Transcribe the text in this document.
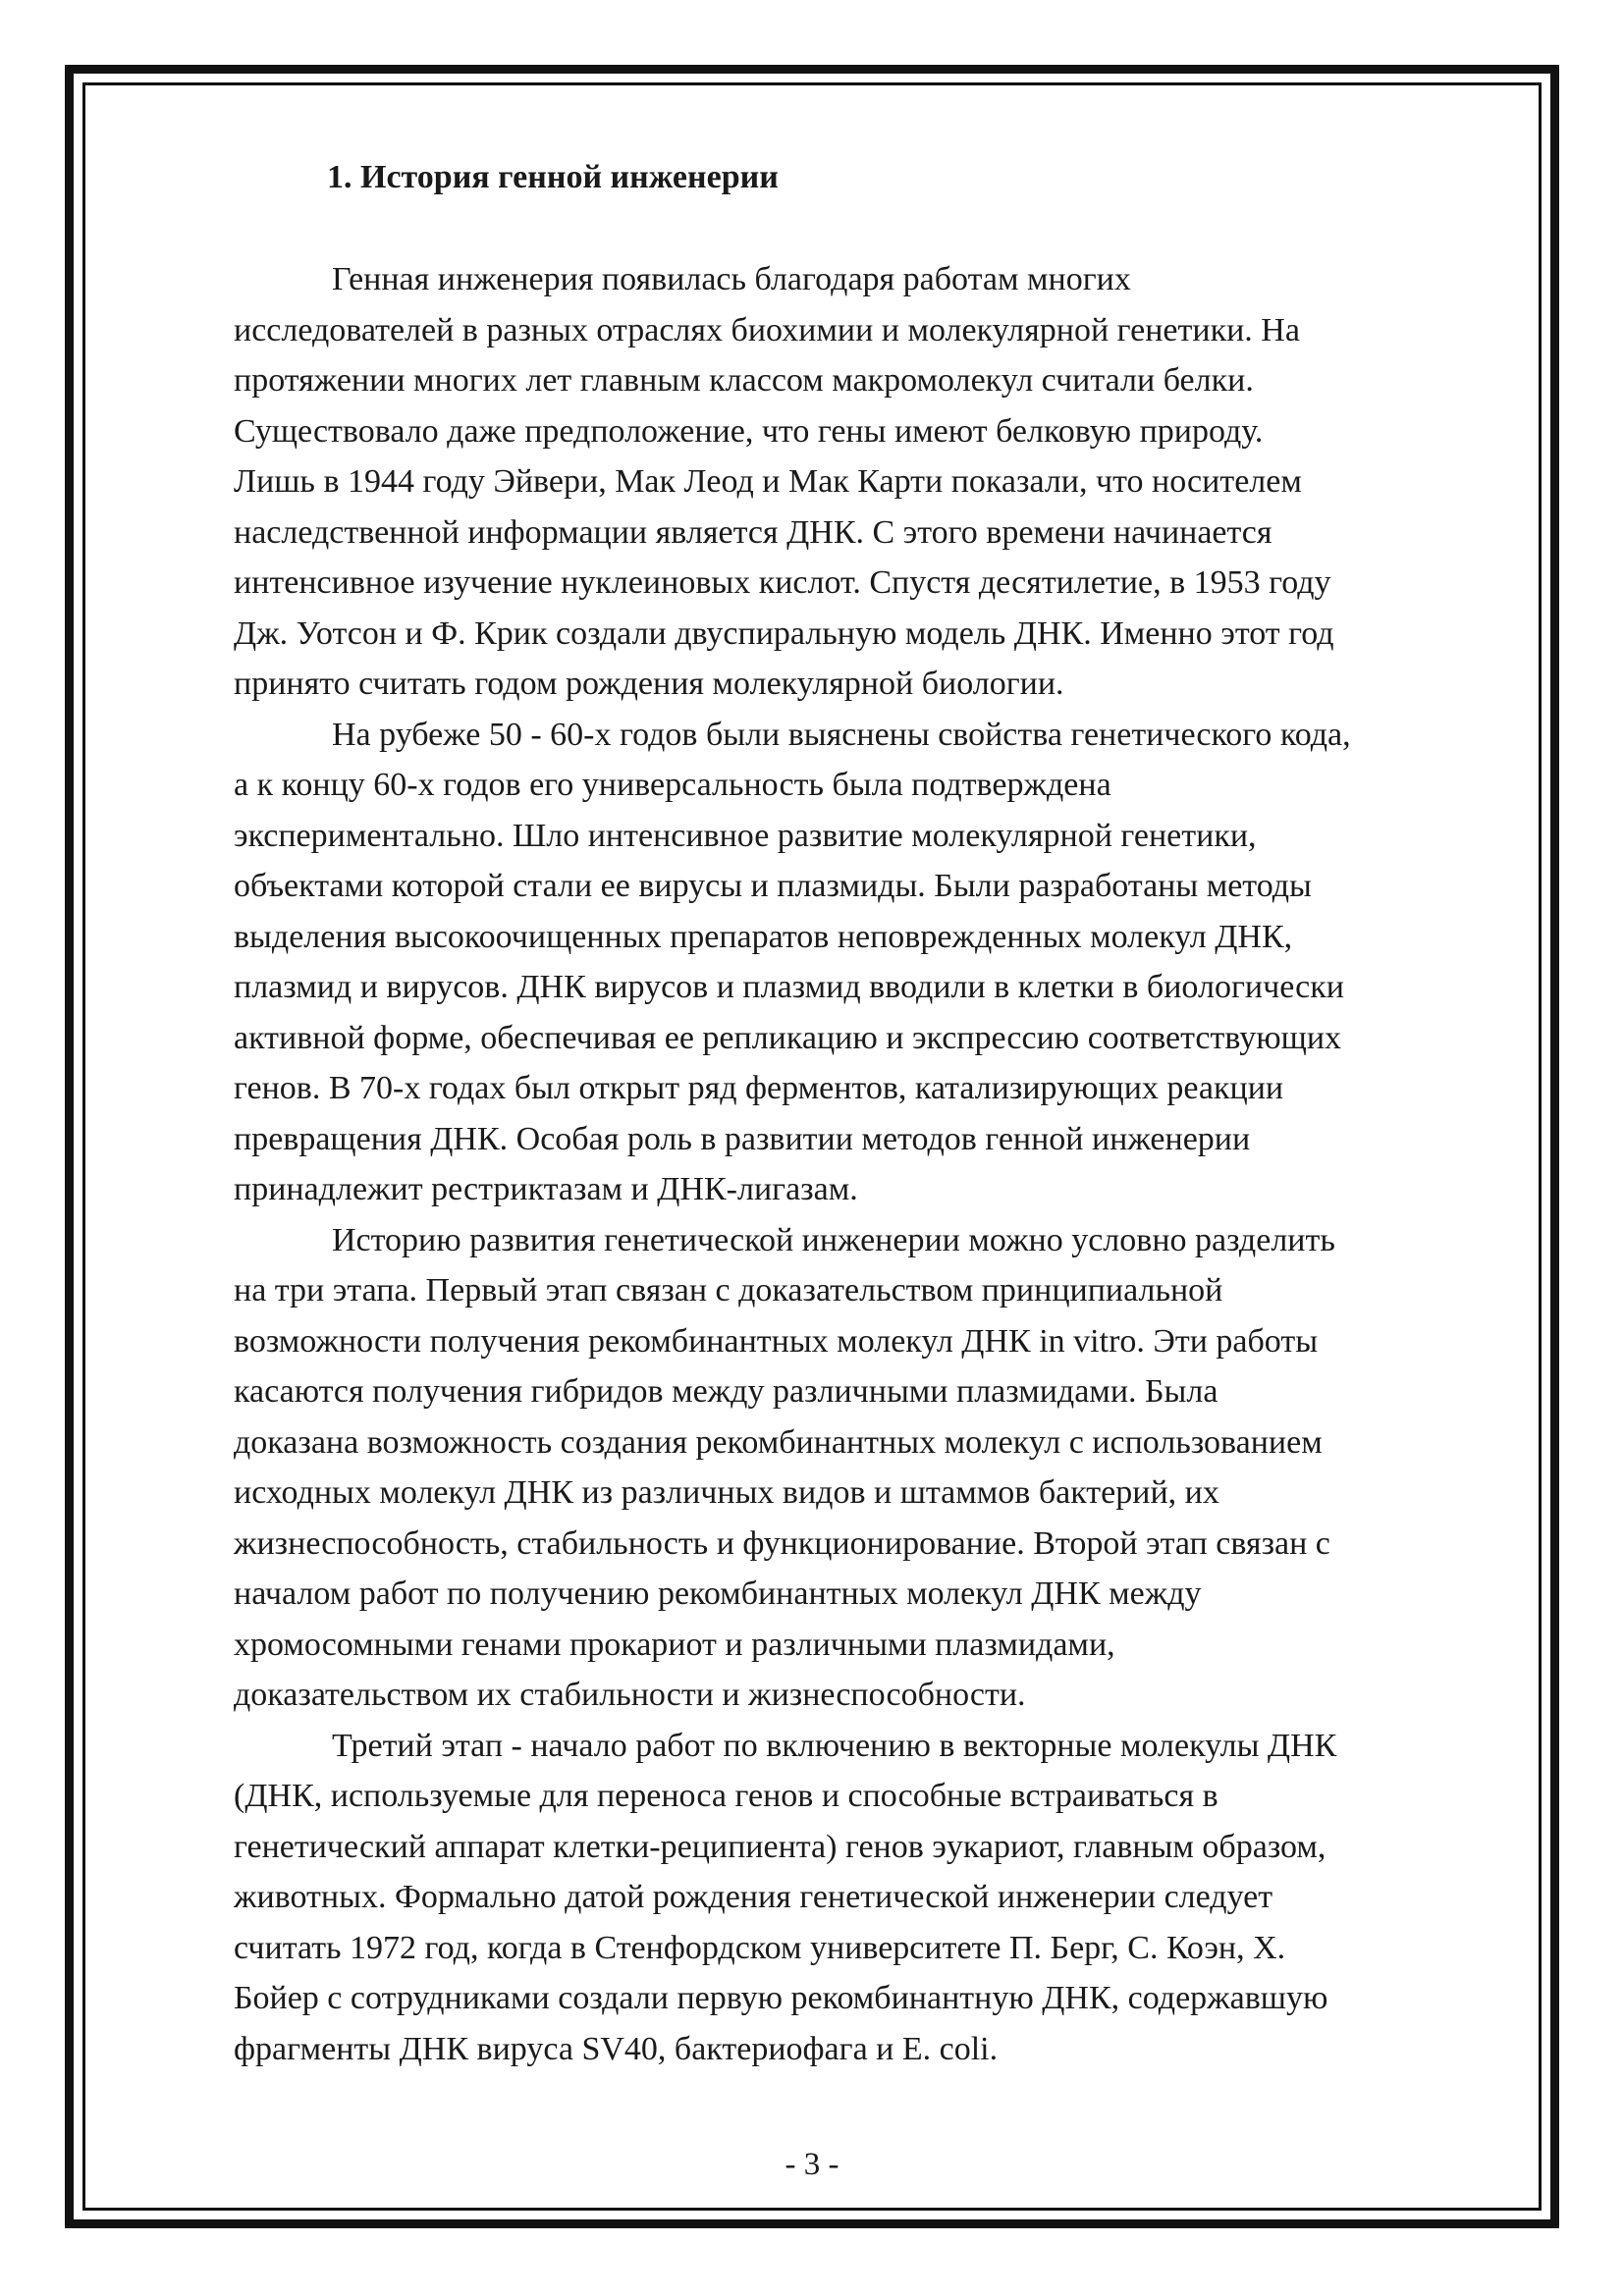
1. История генной инженерии
Генная инженерия появилась благодаря работам многих
исследователей в разных отраслях биохимии и молекулярной генетики. На
протяжении многих лет главным классом макромолекул считали белки.
Существовало даже предположение, что гены имеют белковую природу.
Лишь в 1944 году Эйвери, Мак Леод и Мак Карти показали, что носителем
наследственной информации является ДНК. С этого времени начинается
интенсивное изучение нуклеиновых кислот. Спустя десятилетие, в 1953 году
Дж. Уотсон и Ф. Крик создали двуспиральную модель ДНК. Именно этот год
принято считать годом рождения молекулярной биологии.
На рубеже 50 - 60-х годов были выяснены свойства генетического кода,
а к концу 60-х годов его универсальность была подтверждена
экспериментально. Шло интенсивное развитие молекулярной генетики,
объектами которой стали ее вирусы и плазмиды. Были разработаны методы
выделения высокоочищенных препаратов неповрежденных молекул ДНК,
плазмид и вирусов. ДНК вирусов и плазмид вводили в клетки в биологически
активной форме, обеспечивая ее репликацию и экспрессию соответствующих
генов. В 70-х годах был открыт ряд ферментов, катализирующих реакции
превращения ДНК. Особая роль в развитии методов генной инженерии
принадлежит рестриктазам и ДНК-лигазам.
Историю развития генетической инженерии можно условно разделить
на три этапа. Первый этап связан с доказательством принципиальной
возможности получения рекомбинантных молекул ДНК in vitro. Эти работы
касаются получения гибридов между различными плазмидами. Была
доказана возможность создания рекомбинантных молекул с использованием
исходных молекул ДНК из различных видов и штаммов бактерий, их
жизнеспособность, стабильность и функционирование. Второй этап связан с
началом работ по получению рекомбинантных молекул ДНК между
хромосомными генами прокариот и различными плазмидами,
доказательством их стабильности и жизнеспособности.
Третий этап - начало работ по включению в векторные молекулы ДНК
(ДНК, используемые для переноса генов и способные встраиваться в
генетический аппарат клетки-реципиента) генов эукариот, главным образом,
животных. Формально датой рождения генетической инженерии следует
считать 1972 год, когда в Стенфордском университете П. Берг, С. Коэн, Х.
Бойер с сотрудниками создали первую рекомбинантную ДНК, содержавшую
фрагменты ДНК вируса SV40, бактериофага и E. coli.
- 3 -
